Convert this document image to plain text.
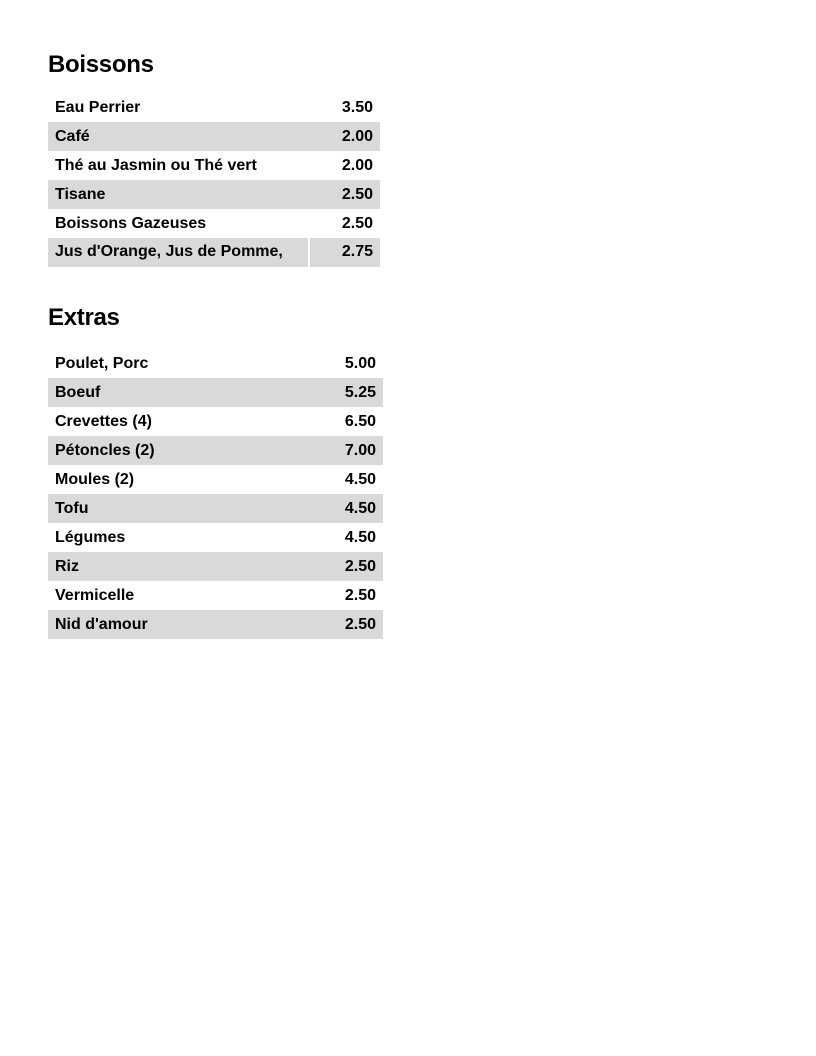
Boissons
Eau Perrier	3.50
Café	2.00
Thé au Jasmin ou Thé vert	2.00
Tisane	2.50
Boissons Gazeuses	2.50
Jus d'Orange, Jus de Pomme,	2.75
Extras
Poulet, Porc	5.00
Boeuf	5.25
Crevettes (4)	6.50
Pétoncles (2)	7.00
Moules (2)	4.50
Tofu	4.50
Légumes	4.50
Riz	2.50
Vermicelle	2.50
Nid d'amour	2.50
